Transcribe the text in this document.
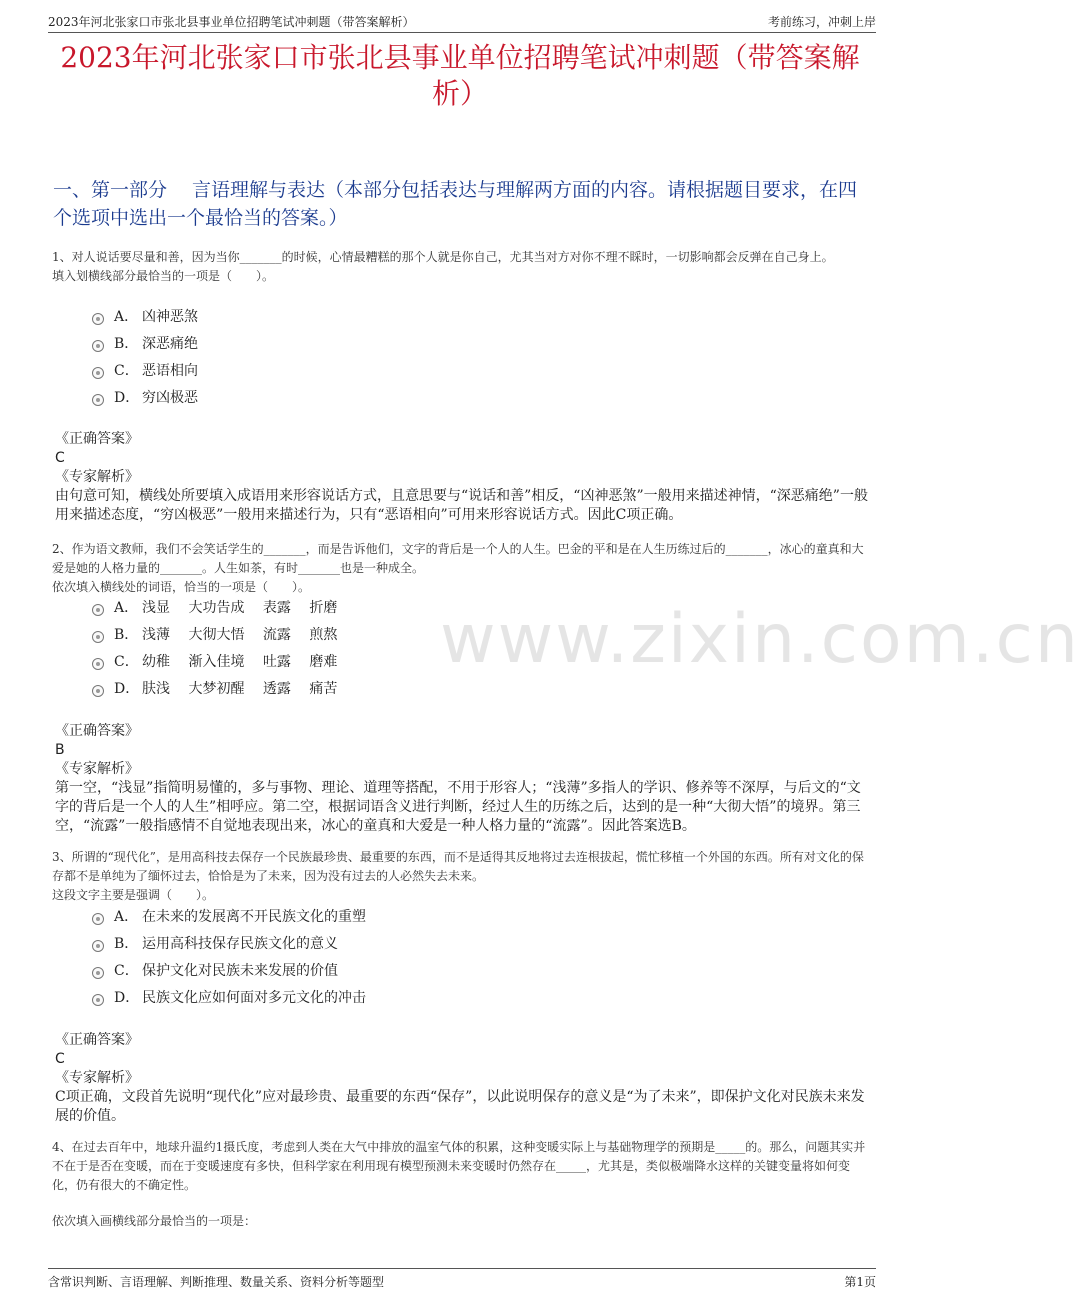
2023年河北张家口市张北县事业单位招聘笔试冲刺题（带答案解析）	考前练习，冲刺上岸
2023年河北张家口市张北县事业单位招聘笔试冲刺题（带答案解析）
一、第一部分　 言语理解与表达（本部分包括表达与理解两方面的内容。请根据题目要求，在四个选项中选出一个最恰当的答案。）
www.zixin.com.cn
1、对人说话要尽量和善，因为当你_______的时候，心情最糟糕的那个人就是你自己，尤其当对方对你不理不睬时，一切影响都会反弹在自己身上。
填入划横线部分最恰当的一项是（　　）。
A． 凶神恶煞
B． 深恶痛绝
C． 恶语相向
D． 穷凶极恶
《正确答案》
C
《专家解析》
由句意可知，横线处所要填入成语用来形容说话方式，且意思要与“说话和善”相反，“凶神恶煞”一般用来描述神情，“深恶痛绝”一般用来描述态度，“穷凶极恶”一般用来描述行为，只有“恶语相向”可用来形容说话方式。因此C项正确。
2、作为语文教师，我们不会笑话学生的_______，而是告诉他们，文字的背后是一个人的人生。巴金的平和是在人生历练过后的_______，冰心的童真和大爱是她的人格力量的_______。人生如茶，有时_______也是一种成全。
依次填入横线处的词语，恰当的一项是（　　）。
A． 浅显　 大功告成　 表露　 折磨
B． 浅薄　 大彻大悟　 流露　 煎熬
C． 幼稚　 渐入佳境　 吐露　 磨难
D． 肤浅　 大梦初醒　 透露　 痛苦
《正确答案》
B
《专家解析》
第一空，“浅显”指简明易懂的，多与事物、理论、道理等搭配，不用于形容人；“浅薄”多指人的学识、修养等不深厚，与后文的“文字的背后是一个人的人生”相呼应。第二空，根据词语含义进行判断，经过人生的历练之后，达到的是一种“大彻大悟”的境界。第三空，“流露”一般指感情不自觉地表现出来，冰心的童真和大爱是一种人格力量的“流露”。因此答案选B。
3、所谓的“现代化”，是用高科技去保存一个民族最珍贵、最重要的东西，而不是适得其反地将过去连根拔起，慌忙移植一个外国的东西。所有对文化的保存都不是单纯为了缅怀过去，恰恰是为了未来，因为没有过去的人必然失去未来。
这段文字主要是强调（　　）。
A． 在未来的发展离不开民族文化的重塑
B． 运用高科技保存民族文化的意义
C． 保护文化对民族未来发展的价值
D． 民族文化应如何面对多元文化的冲击
《正确答案》
C
《专家解析》
C项正确，文段首先说明“现代化”应对最珍贵、最重要的东西“保存”，以此说明保存的意义是“为了未来”，即保护文化对民族未来发展的价值。
4、在过去百年中，地球升温约1摄氏度，考虑到人类在大气中排放的温室气体的积累，这种变暖实际上与基础物理学的预期是_____的。那么，问题其实并不在于是否在变暖，而在于变暖速度有多快，但科学家在利用现有模型预测未来变暖时仍然存在_____，尤其是，类似极端降水这样的关键变量将如何变化，仍有很大的不确定性。
依次填入画横线部分最恰当的一项是：
含常识判断、言语理解、判断推理、数量关系、资料分析等题型	第1页
